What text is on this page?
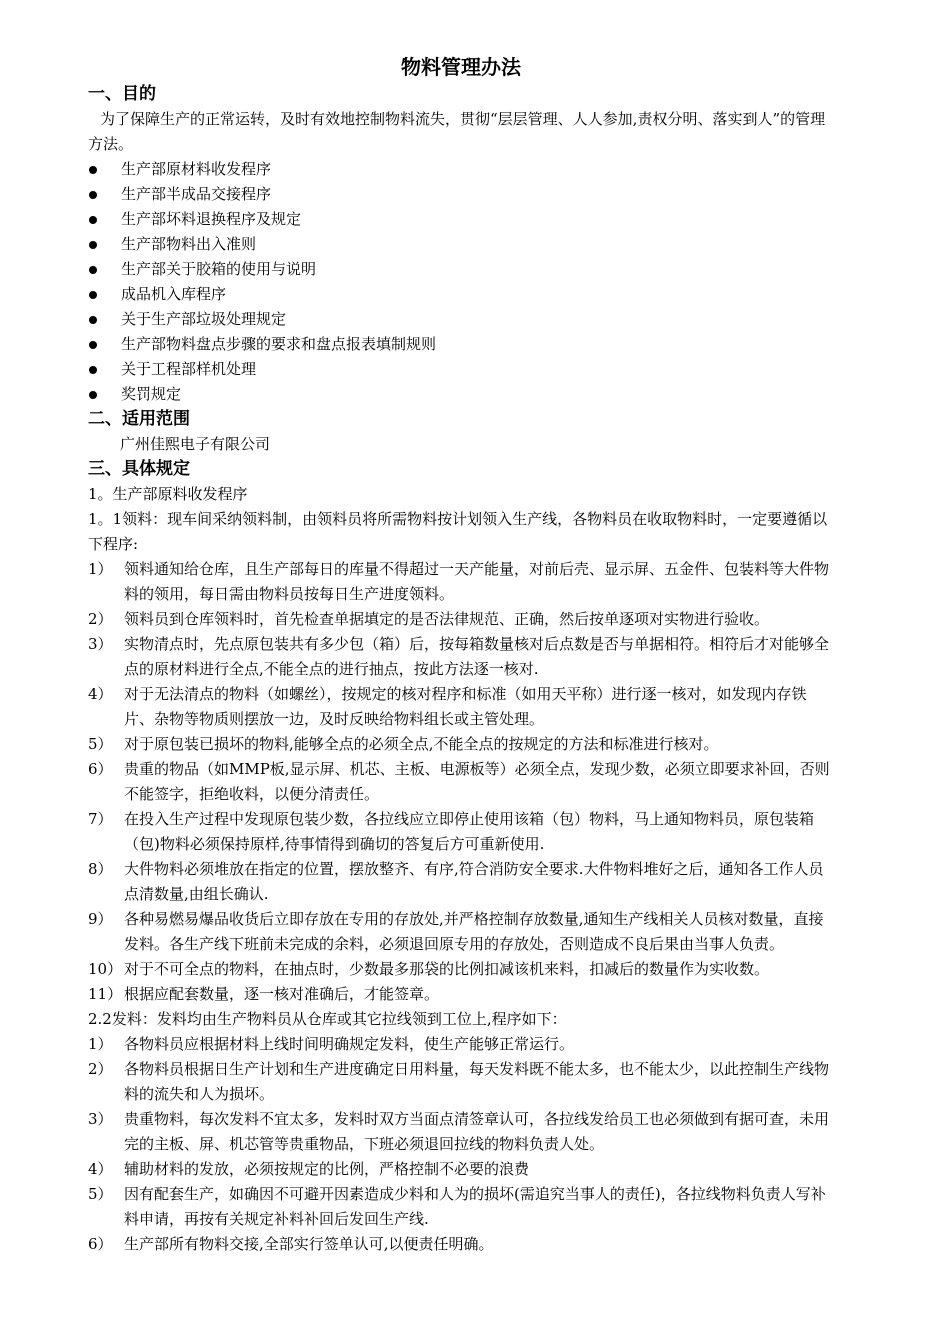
物料管理办法
一、目的

为了保障生产的正常运转，及时有效地控制物料流失，贯彻“层层管理、人人参加,责权分明、落实到人”的管理方法。

生产部原材料收发程序
生产部半成品交接程序
生产部坏料退换程序及规定
生产部物料出入准则
生产部关于胶箱的使用与说明
成品机入库程序
关于生产部垃圾处理规定
生产部物料盘点步骤的要求和盘点报表填制规则
关于工程部样机处理
奖罚规定
二、适用范围

广州佳熙电子有限公司

三、具体规定

1。生产部原料收发程序

1。1领料：现车间采纳领料制，由领料员将所需物料按计划领入生产线，各物料员在收取物料时，一定要遵循以下程序:

1） 领料通知给仓库，且生产部每日的库量不得超过一天产能量，对前后壳、显示屏、五金件、包装料等大件物料的领用，每日需由物料员按每日生产进度领料。
2） 领料员到仓库领料时，首先检查单据填定的是否法律规范、正确，然后按单逐项对实物进行验收。
3） 实物清点时，先点原包装共有多少包（箱）后，按每箱数量核对后点数是否与单据相符。相符后才对能够全点的原材料进行全点,不能全点的进行抽点，按此方法逐一核对.
4） 对于无法清点的物料（如螺丝），按规定的核对程序和标准（如用天平称）进行逐一核对，如发现内存铁片、杂物等物质则摆放一边，及时反映给物料组长或主管处理。
5） 对于原包装已损坏的物料,能够全点的必须全点,不能全点的按规定的方法和标准进行核对。
6） 贵重的物品（如MMP板,显示屏、机芯、主板、电源板等）必须全点，发现少数，必须立即要求补回，否则不能签字，拒绝收料，以便分清责任。
7） 在投入生产过程中发现原包装少数，各拉线应立即停止使用该箱（包）物料，马上通知物料员，原包装箱（包)物料必须保持原样,待事情得到确切的答复后方可重新使用.
8） 大件物料必须堆放在指定的位置，摆放整齐、有序,符合消防安全要求.大件物料堆好之后，通知各工作人员点清数量,由组长确认.
9） 各种易燃易爆品收货后立即存放在专用的存放处,并严格控制存放数量,通知生产线相关人员核对数量，直接发料。各生产线下班前未完成的余料，必须退回原专用的存放处，否则造成不良后果由当事人负责。
10） 对于不可全点的物料，在抽点时，少数最多那袋的比例扣减该机来料，扣减后的数量作为实收数。
11） 根据应配套数量，逐一核对准确后，才能签章。

2.2发料：发料均由生产物料员从仓库或其它拉线领到工位上,程序如下：

1） 各物料员应根据材料上线时间明确规定发料，使生产能够正常运行。
2） 各物料员根据日生产计划和生产进度确定日用料量，每天发料既不能太多，也不能太少，以此控制生产线物料的流失和人为损坏。
3） 贵重物料，每次发料不宜太多，发料时双方当面点清签章认可，各拉线发给员工也必须做到有据可查，未用完的主板、屏、机芯管等贵重物品，下班必须退回拉线的物料负责人处。
4） 辅助材料的发放，必须按规定的比例，严格控制不必要的浪费
5） 因有配套生产，如确因不可避开因素造成少料和人为的损坏(需追究当事人的责任)，各拉线物料负责人写补料申请，再按有关规定补料补回后发回生产线.
6） 生产部所有物料交接,全部实行签单认可,以便责任明确。
